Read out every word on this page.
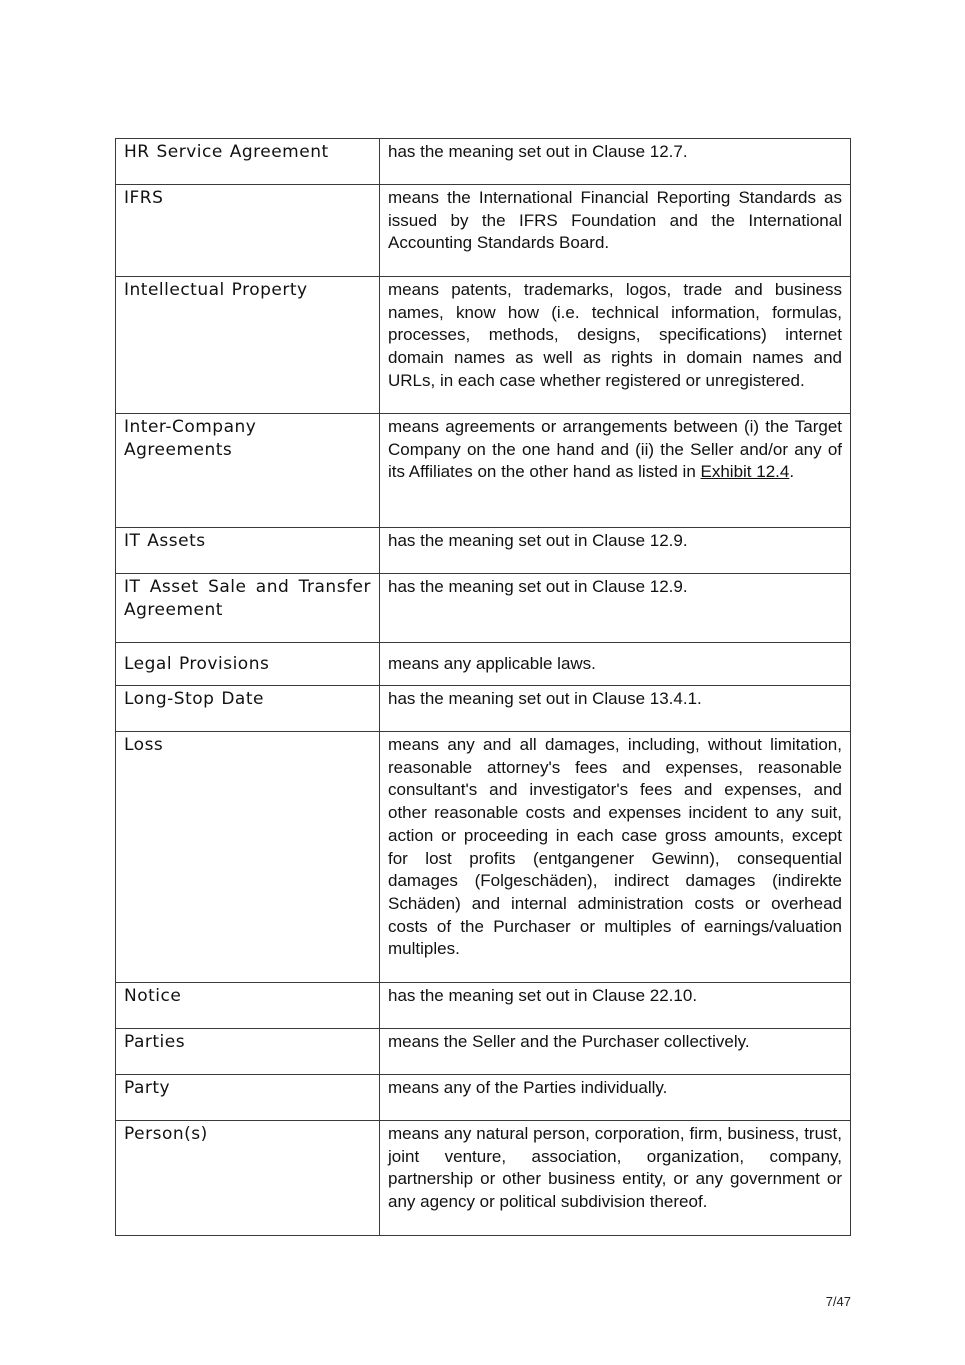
HR Service Agreement	has the meaning set out in Clause 12.7.

IFRS	means the International Financial Reporting Standards as issued by the IFRS Foundation and the International Accounting Standards Board.

Intellectual Property	means patents, trademarks, logos, trade and business names, know how (i.e. technical information, formulas, processes, methods, designs, specifications) internet domain names as well as rights in domain names and URLs, in each case whether registered or unregistered.

Inter-Company Agreements	means agreements or arrangements between (i) the Target Company on the one hand and (ii) the Seller and/or any of its Affiliates on the other hand as listed in Exhibit 12.4.

IT Assets	has the meaning set out in Clause 12.9.

IT Asset Sale and Transfer Agreement	has the meaning set out in Clause 12.9.

Legal Provisions	means any applicable laws.

Long-Stop Date	has the meaning set out in Clause 13.4.1.

Loss	means any and all damages, including, without limitation, reasonable attorney's fees and expenses, reasonable consultant's and investigator's fees and expenses, and other reasonable costs and expenses incident to any suit, action or proceeding in each case gross amounts, except for lost profits (entgangener Gewinn), consequential damages (Folgeschäden), indirect damages (indirekte Schäden) and internal administration costs or overhead costs of the Purchaser or multiples of earnings/valuation multiples.

Notice	has the meaning set out in Clause 22.10.

Parties	means the Seller and the Purchaser collectively.

Party	means any of the Parties individually.

Person(s)	means any natural person, corporation, firm, business, trust, joint venture, association, organization, company, partnership or other business entity, or any government or any agency or political subdivision thereof.
7/47
